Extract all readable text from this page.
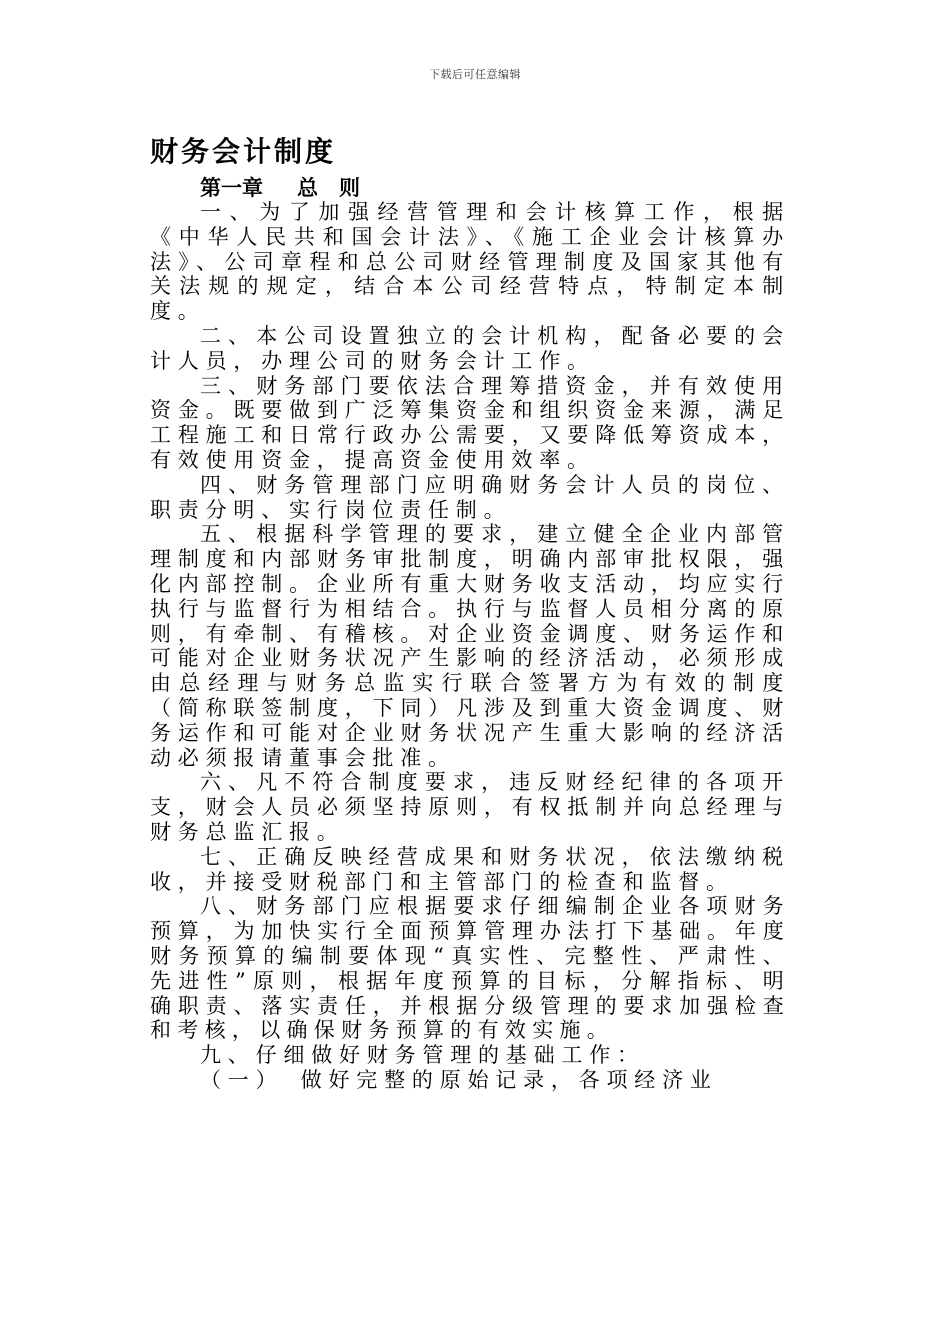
下载后可任意编辑
财务会计制度
第一章 总　则

一、为了加强经营管理和会计核算工作，根据《中华人民共和国会计法》、《施工企业会计核算办法》、公司章程和总公司财经管理制度及国家其他有关法规的规定，结合本公司经营特点，特制定本制度。

二、本公司设置独立的会计机构，配备必要的会计人员，办理公司的财务会计工作。

三、财务部门要依法合理筹措资金，并有效使用资金。既要做到广泛筹集资金和组织资金来源，满足工程施工和日常行政办公需要，又要降低筹资成本，有效使用资金，提高资金使用效率。

四、财务管理部门应明确财务会计人员的岗位、职责分明、实行岗位责任制。

五、根据科学管理的要求，建立健全企业内部管理制度和内部财务审批制度，明确内部审批权限，强化内部控制。企业所有重大财务收支活动，均应实行执行与监督行为相结合。执行与监督人员相分离的原则，有牵制、有稽核。对企业资金调度、财务运作和可能对企业财务状况产生影响的经济活动，必须形成由总经理与财务总监实行联合签署方为有效的制度（简称联签制度，下同）凡涉及到重大资金调度、财务运作和可能对企业财务状况产生重大影响的经济活动必须报请董事会批准。

六、凡不符合制度要求，违反财经纪律的各项开支，财会人员必须坚持原则，有权抵制并向总经理与财务总监汇报。

七、正确反映经营成果和财务状况，依法缴纳税收，并接受财税部门和主管部门的检查和监督。

八、财务部门应根据要求仔细编制企业各项财务预算，为加快实行全面预算管理办法打下基础。年度财务预算的编制要体现“真实性、完整性、严肃性、先进性”原则，根据年度预算的目标，分解指标、明确职责、落实责任，并根据分级管理的要求加强检查和考核，以确保财务预算的有效实施。

九、仔细做好财务管理的基础工作：

（一）　做好完整的原始记录，各项经济业
